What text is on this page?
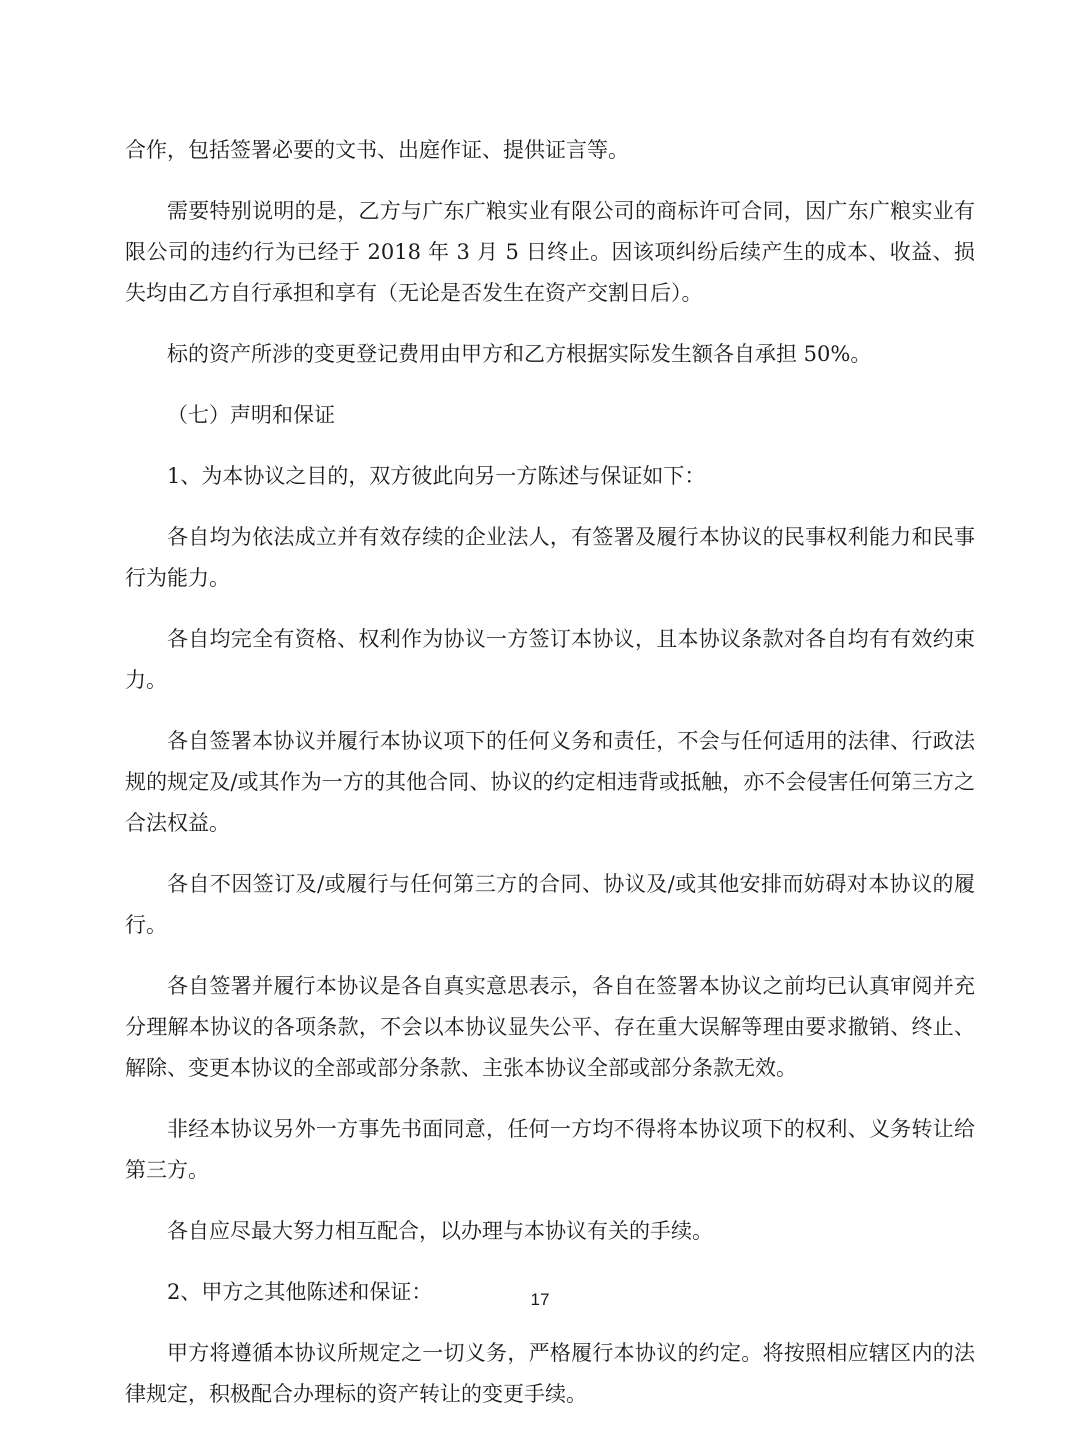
合作，包括签署必要的文书、出庭作证、提供证言等。

需要特别说明的是，乙方与广东广粮实业有限公司的商标许可合同，因广东广粮实业有限公司的违约行为已经于 2018 年 3 月 5 日终止。因该项纠纷后续产生的成本、收益、损失均由乙方自行承担和享有（无论是否发生在资产交割日后）。

标的资产所涉的变更登记费用由甲方和乙方根据实际发生额各自承担 50%。

（七）声明和保证

1、为本协议之目的，双方彼此向另一方陈述与保证如下：

各自均为依法成立并有效存续的企业法人，有签署及履行本协议的民事权利能力和民事行为能力。

各自均完全有资格、权利作为协议一方签订本协议，且本协议条款对各自均有有效约束力。

各自签署本协议并履行本协议项下的任何义务和责任，不会与任何适用的法律、行政法规的规定及/或其作为一方的其他合同、协议的约定相违背或抵触，亦不会侵害任何第三方之合法权益。

各自不因签订及/或履行与任何第三方的合同、协议及/或其他安排而妨碍对本协议的履行。

各自签署并履行本协议是各自真实意思表示，各自在签署本协议之前均已认真审阅并充分理解本协议的各项条款，不会以本协议显失公平、存在重大误解等理由要求撤销、终止、解除、变更本协议的全部或部分条款、主张本协议全部或部分条款无效。

非经本协议另外一方事先书面同意，任何一方均不得将本协议项下的权利、义务转让给第三方。

各自应尽最大努力相互配合，以办理与本协议有关的手续。

2、甲方之其他陈述和保证：

甲方将遵循本协议所规定之一切义务，严格履行本协议的约定。将按照相应辖区内的法律规定，积极配合办理标的资产转让的变更手续。

17
